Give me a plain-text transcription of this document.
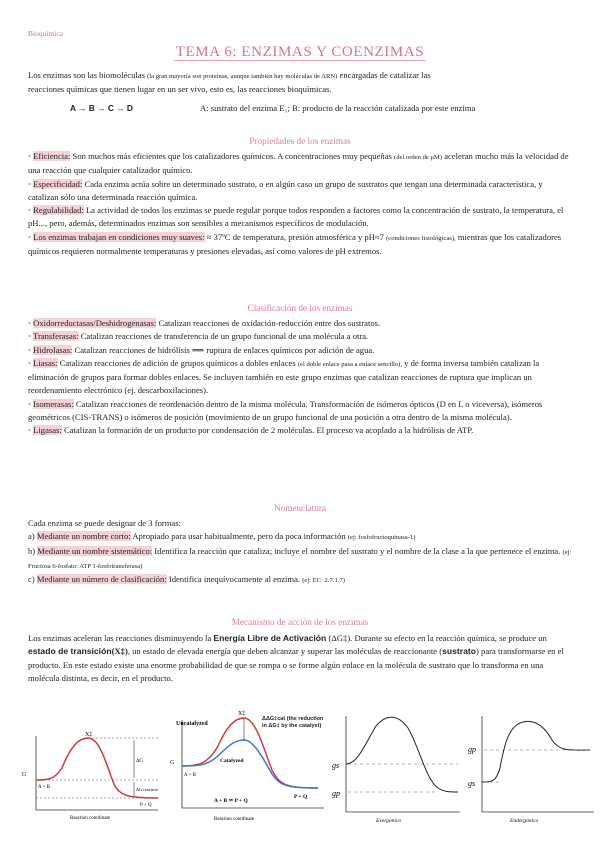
Bioquímica
TEMA 6: ENZIMAS Y COENZIMAS
Los enzimas son las biomoléculas (la gran mayoría son proteínas, aunque también hay moléculas de ARN) encargadas de catalizar las
reacciones químicas que tienen lugar en un ser vivo, esto es, las reacciones bioquímicas.
A → B → C → D	A: sustrato del enzima E₁; B: producto de la reacción catalizada por este enzima
Propiedades de los enzimas
• Eficiencia: Son muchos más eficientes que los catalizadores químicos. A concentraciones muy pequeñas (del orden de μM) aceleran mucho más la velocidad de una reacción que cualquier catalizador químico.
• Especificidad: Cada enzima actúa sobre un determinado sustrato, o en algún caso un grupo de sustratos que tengan una determinada característica, y catalizan sólo una determinada reacción química.
• Regulabilidad: La actividad de todos los enzimas se puede regular porque todos responden a factores como la concentración de sustrato, la temperatura, el pH..., pero, además, determinados enzimas son sensibles a mecanismos específicos de modulación.
• Los enzimas trabajan en condiciones muy suaves: ≈ 37ºC de temperatura, presión atmosférica y pH≈7 (condiciones fisiológicas), mientras que los catalizadores químicos requieren normalmente temperaturas y presiones elevadas, así como valores de pH extremos.
Clasificación de los enzimas
• Oxidorreductasas/Deshidrogenasas: Catalizan reacciones de oxidación-reducción entre dos sustratos.
• Transferasas: Catalizan reacciones de transferencia de un grupo funcional de una molécula a otra.
• Hidrolasas: Catalizan reacciones de hidrólisis ⟹ ruptura de enlaces químicos por adición de agua.
• Liasas: Catalizan reacciones de adición de grupos químicos a dobles enlaces (el doble enlace pasa a enlace sencillo), y de forma inversa también catalizan la eliminación de grupos para formar dobles enlaces. Se incluyen también en este grupo enzimas que catalizan reacciones de ruptura que implican un reordenamiento electrónico (ej. descarboxilaciones).
• Isomerasas: Catalizan reacciones de reordenación dentro de la misma molécula. Transformación de isómeros ópticos (D en L o viceversa), isómeros geométricos (CIS-TRANS) o isómeros de posición (movimiento de un grupo funcional de una posición a otra dentro de la misma molécula).
• Ligasas: Catalizan la formación de un producto por condensación de 2 moléculas. El proceso va acoplado a la hidrólisis de ATP.
Nomenclatura
Cada enzima se puede designar de 3 formas:
a) Mediante un nombre corto: Apropiado para usar habitualmente, pero da poca información (ej: fosfofructoquinasa-1)
b) Mediante un nombre sistemático: Identifica la reacción que cataliza; incluye el nombre del sustrato y el nombre de la clase a la que pertenece el enzima. (ej: Fructosa 6-fosfato: ATP 1-fosfotransferasa)
c) Mediante un número de clasificación: Identifica inequívocamente al enzima. (ej: EC: 2.7.1.7)
Mecanismo de acción de los enzimas
Los enzimas aceleran las reacciones disminuyendo la Energía Libre de Activación (ΔG‡). Durante su efecto en la reacción química, se produce un estado de transición(X‡), un estado de elevada energía que deben alcanzar y superar las moléculas de reaccionante (sustrato) para transformarse en el producto. En este estado existe una enorme probabilidad de que se rompa o se forme algún enlace en la molécula de sustrato que lo transforma en una molécula distinta, es decir, en el producto.
X‡
G
A + B
P + Q
ΔG
ΔG reaction
Reaction coordinate
X‡
Uncatalyzed
Catalyzed
ΔΔG‡cat (the reduction in ΔG‡ by the catalyst)
G
A + B
P + Q
A + B ⇌ P + Q
Reaction coordinate
gs
gp
Exergónico
gp
gs
Endergónico
